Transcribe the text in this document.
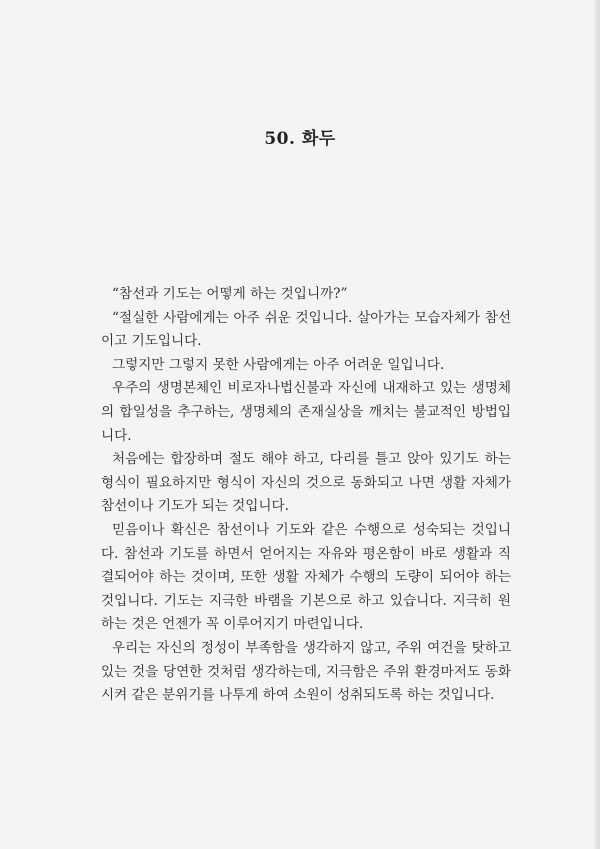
50. 화두

“참선과 기도는 어떻게 하는 것입니까?”

“절실한 사람에게는 아주 쉬운 것입니다. 살아가는 모습자체가 참선이고 기도입니다.

그렇지만 그렇지 못한 사람에게는 아주 어려운 일입니다.

우주의 생명본체인 비로자나법신불과 자신에 내재하고 있는 생명체의 합일성을 추구하는, 생명체의 존재실상을 깨치는 불교적인 방법입니다.

처음에는 합장하며 절도 해야 하고, 다리를 틀고 앉아 있기도 하는 형식이 필요하지만 형식이 자신의 것으로 동화되고 나면 생활 자체가 참선이나 기도가 되는 것입니다.

믿음이나 확신은 참선이나 기도와 같은 수행으로 성숙되는 것입니다. 참선과 기도를 하면서 얻어지는 자유와 평온함이 바로 생활과 직결되어야 하는 것이며, 또한 생활 자체가 수행의 도량이 되어야 하는 것입니다. 기도는 지극한 바램을 기본으로 하고 있습니다. 지극히 원하는 것은 언젠가 꼭 이루어지기 마련입니다.

우리는 자신의 정성이 부족함을 생각하지 않고, 주위 여건을 탓하고 있는 것을 당연한 것처럼 생각하는데, 지극함은 주위 환경마저도 동화시켜 같은 분위기를 나투게 하여 소원이 성취되도록 하는 것입니다.
